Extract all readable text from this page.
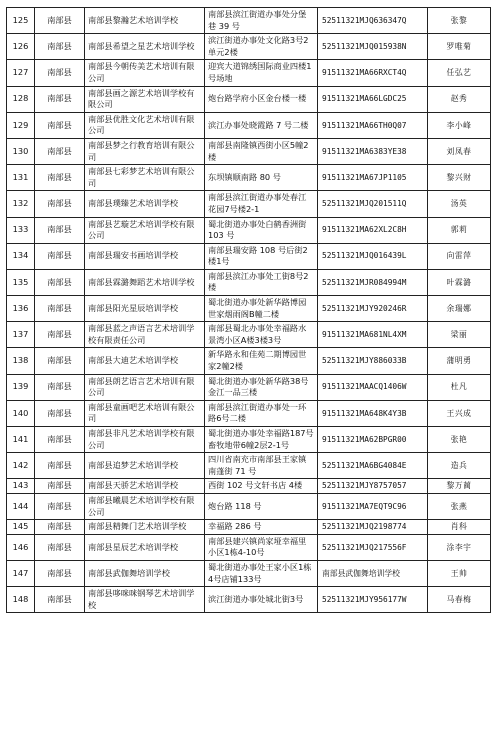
125	南部县	南部县黎瀚艺术培训学校	南部县滨江街道办事处分堡巷 39 号	52511321MJQ636347Q	张黎
126	南部县	南部县希望之星艺术培训学校	滨江街道办事处文化路3号2单元2楼	52511321MJQ015938N	罗唯菊
127	南部县	南部县今朝传美艺术培训有限公司	迎宾大道锦绣国际商业四楼1号场地	91511321MA66RXCT4Q	任弘艺
128	南部县	南部县画之源艺术培训学校有限公司	炮台路学府小区金台楼一楼	91511321MA66LGDC25	赵秀
129	南部县	南部县优胜文化艺术培训有限公司	滨江办事处晓霞路 7 号二楼	91511321MA66TH0Q07	李小峰
130	南部县	南部县梦之行教育培训有限公司	南部县南隆镇西街小区5幢2楼	91511321MA6383YE38	刘凤春
131	南部县	南部县七彩梦艺术培训有限公司	东坝镇顺南路 80 号	91511321MA67JP1105	黎兴财
132	南部县	南部县璞臻艺术培训学校	南部县滨江街道办事处春江花园7号楼2-1	52511321MJQ201511Q	汤英
133	南部县	南部县艺璇艺术培训学校有限公司	蜀北街道办事处白鹤香洲街 103 号	91511321MA62XL2C8H	郭莉
134	南部县	南部县瑞安书画培训学校	南部县瑞安路 108 号后街2楼1号	52511321MJQ016439L	向雷萍
135	南部县	南部县霖潞舞蹈艺术培训学校	南部县滨江办事处工街8号2楼	52511321MJR084994M	叶霖潞
136	南部县	南部县阳光星辰培训学校	蜀北街道办事处新华路博园世家烟雨阁B幢二楼	52511321MJY920246R	余瑞娜
137	南部县	南部县蓝之声语言艺术培训学校有限责任公司	南部县蜀北办事处幸福路水景湾小区A楼3楼3号	91511321MA681NL4XM	梁丽
138	南部县	南部县大迪艺术培训学校	新华路永和佳苑二期博园世家2幢2楼	52511321MJY886033B	蒲明勇
139	南部县	南部县朗艺语言艺术培训有限公司	蜀北街道办事处新华路38号金江一品三楼	91511321MAACQ1406W	杜凡
140	南部县	南部县童画吧艺术培训有限公司	南部县滨江街道办事处一环路6号二楼	91511321MA648K4Y3B	王兴成
141	南部县	南部县非凡艺术培训学校有限公司	蜀北街道办事处幸福路187号畜牧地带6幢2层2-1号	91511321MA62BPGR00	张艳
142	南部县	南部县追梦艺术培训学校	四川省南充市南部县王家镇南蓬街 71 号	52511321MA6BG4084E	造兵
143	南部县	南部县天骄艺术培训学校	西街 102 号文轩书店 4楼	52511321MJY8757057	黎万蔺
144	南部县	南部县曦晨艺术培训学校有限公司	炮台路 118 号	91511321MA7EQT9C96	张燕
145	南部县	南部县精舞门艺术培训学校	幸福路 286 号	52511321MJQ2198774	肖科
146	南部县	南部县星辰艺术培训学校	南部县建兴镇尚家垭幸福里小区1栋4-10号	52511321MJQ217556F	涂李宇
147	南部县	南部县武伽舞培训学校	蜀北街道办事处王家小区1栋4号店铺133号	南部县武伽舞培训学校	王帅
148	南部县	南部县哆咪咪钢琴艺术培训学校	滨江街道办事处城北街3号	52511321MJY956177W	马春梅
